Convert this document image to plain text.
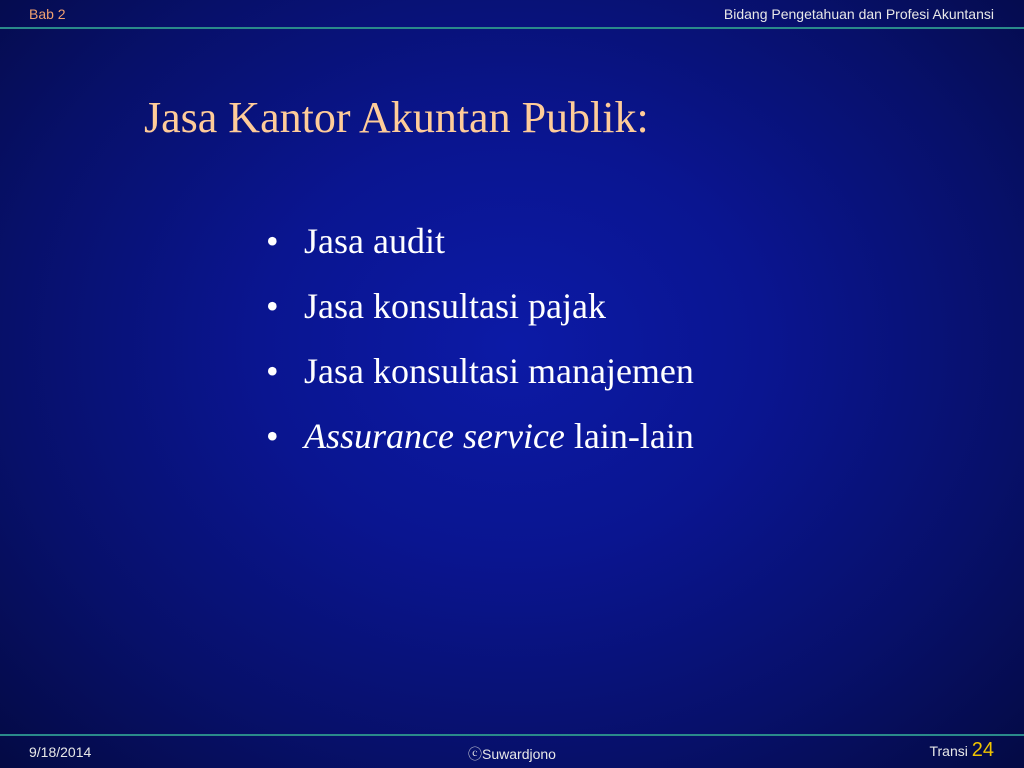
Bab 2	Bidang Pengetahuan dan Profesi Akuntansi
Jasa Kantor Akuntan Publik:
• Jasa audit
• Jasa konsultasi pajak
• Jasa konsultasi manajemen
• Assurance service lain-lain
9/18/2014	ⓒSuwardjono	Transi 24
